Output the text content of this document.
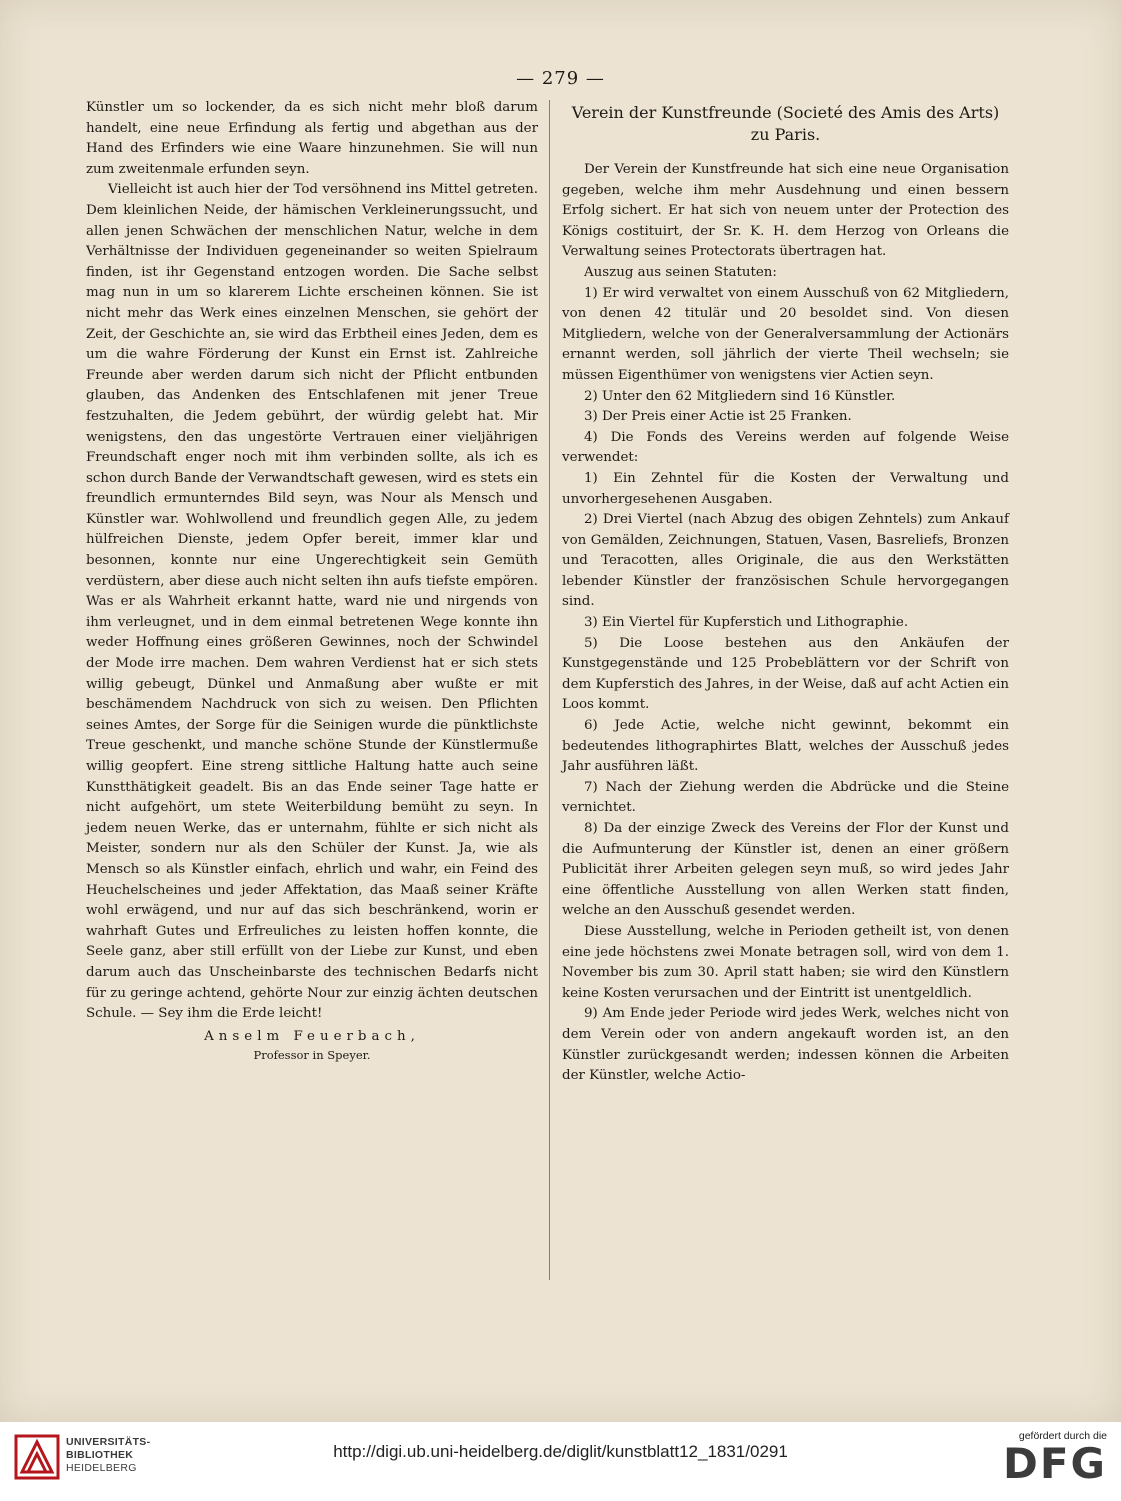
— 279 —

Künstler um so lockender, da es sich nicht mehr bloß darum handelt, eine neue Erfindung als fertig und abgethan aus der Hand des Erfinders wie eine Waare hinzunehmen. Sie will nun zum zweitenmale erfunden seyn.

Vielleicht ist auch hier der Tod versöhnend ins Mittel getreten. Dem kleinlichen Neide, der hämischen Verkleinerungssucht, und allen jenen Schwächen der menschlichen Natur, welche in dem Verhältnisse der Individuen gegeneinander so weiten Spielraum finden, ist ihr Gegenstand entzogen worden. Die Sache selbst mag nun in um so klarerem Lichte erscheinen können. Sie ist nicht mehr das Werk eines einzelnen Menschen, sie gehört der Zeit, der Geschichte an, sie wird das Erbtheil eines Jeden, dem es um die wahre Förderung der Kunst ein Ernst ist. Zahlreiche Freunde aber werden darum sich nicht der Pflicht entbunden glauben, das Andenken des Entschlafenen mit jener Treue festzuhalten, die Jedem gebührt, der würdig gelebt hat. Mir wenigstens, den das ungestörte Vertrauen einer vieljährigen Freundschaft enger noch mit ihm verbinden sollte, als ich es schon durch Bande der Verwandtschaft gewesen, wird es stets ein freundlich ermunterndes Bild seyn, was Nour als Mensch und Künstler war. Wohlwollend und freundlich gegen Alle, zu jedem hülfreichen Dienste, jedem Opfer bereit, immer klar und besonnen, konnte nur eine Ungerechtigkeit sein Gemüth verdüstern, aber diese auch nicht selten ihn aufs tiefste empören. Was er als Wahrheit erkannt hatte, ward nie und nirgends von ihm verleugnet, und in dem einmal betretenen Wege konnte ihn weder Hoffnung eines größeren Gewinnes, noch der Schwindel der Mode irre machen. Dem wahren Verdienst hat er sich stets willig gebeugt, Dünkel und Anmaßung aber wußte er mit beschämendem Nachdruck von sich zu weisen. Den Pflichten seines Amtes, der Sorge für die Seinigen wurde die pünktlichste Treue geschenkt, und manche schöne Stunde der Künstlermuße willig geopfert. Eine streng sittliche Haltung hatte auch seine Kunstthätigkeit geadelt. Bis an das Ende seiner Tage hatte er nicht aufgehört, um stete Weiterbildung bemüht zu seyn. In jedem neuen Werke, das er unternahm, fühlte er sich nicht als Meister, sondern nur als den Schüler der Kunst. Ja, wie als Mensch so als Künstler einfach, ehrlich und wahr, ein Feind des Heuchelscheines und jeder Affektation, das Maaß seiner Kräfte wohl erwägend, und nur auf das sich beschränkend, worin er wahrhaft Gutes und Erfreuliches zu leisten hoffen konnte, die Seele ganz, aber still erfüllt von der Liebe zur Kunst, und eben darum auch das Unscheinbarste des technischen Bedarfs nicht für zu geringe achtend, gehörte Nour zur einzig ächten deutschen Schule. — Sey ihm die Erde leicht!

Anselm Feuerbach,
Professor in Speyer.
Verein der Kunstfreunde (Societé des Amis des Arts) zu Paris.

Der Verein der Kunstfreunde hat sich eine neue Organisation gegeben, welche ihm mehr Ausdehnung und einen bessern Erfolg sichert. Er hat sich von neuem unter der Protection des Königs costituirt, der Sr. K. H. dem Herzog von Orleans die Verwaltung seines Protectorats übertragen hat.

Auszug aus seinen Statuten:

1) Er wird verwaltet von einem Ausschuß von 62 Mitgliedern, von denen 42 titulär und 20 besoldet sind. Von diesen Mitgliedern, welche von der Generalversammlung der Actionärs ernannt werden, soll jährlich der vierte Theil wechseln; sie müssen Eigenthümer von wenigstens vier Actien seyn.

2) Unter den 62 Mitgliedern sind 16 Künstler.

3) Der Preis einer Actie ist 25 Franken.

4) Die Fonds des Vereins werden auf folgende Weise verwendet:

1) Ein Zehntel für die Kosten der Verwaltung und unvorhergesehenen Ausgaben.

2) Drei Viertel (nach Abzug des obigen Zehntels) zum Ankauf von Gemälden, Zeichnungen, Statuen, Vasen, Basreliefs, Bronzen und Teracotten, alles Originale, die aus den Werkstätten lebender Künstler der französischen Schule hervorgegangen sind.

3) Ein Viertel für Kupferstich und Lithographie.

5) Die Loose bestehen aus den Ankäufen der Kunstgegenstände und 125 Probeblättern vor der Schrift von dem Kupferstich des Jahres, in der Weise, daß auf acht Actien ein Loos kommt.

6) Jede Actie, welche nicht gewinnt, bekommt ein bedeutendes lithographirtes Blatt, welches der Ausschuß jedes Jahr ausführen läßt.

7) Nach der Ziehung werden die Abdrücke und die Steine vernichtet.

8) Da der einzige Zweck des Vereins der Flor der Kunst und die Aufmunterung der Künstler ist, denen an einer größern Publicität ihrer Arbeiten gelegen seyn muß, so wird jedes Jahr eine öffentliche Ausstellung von allen Werken statt finden, welche an den Ausschuß gesendet werden.

Diese Ausstellung, welche in Perioden getheilt ist, von denen eine jede höchstens zwei Monate betragen soll, wird von dem 1. November bis zum 30. April statt haben; sie wird den Künstlern keine Kosten verursachen und der Eintritt ist unentgeldlich.

9) Am Ende jeder Periode wird jedes Werk, welches nicht von dem Verein oder von andern angekauft worden ist, an den Künstler zurückgesandt werden; indessen können die Arbeiten der Künstler, welche Actio-

UNIVERSITÄTS-
BIBLIOTHEK
HEIDELBERG
http://digi.ub.uni-heidelberg.de/diglit/kunstblatt12_1831/0291
gefördert durch die
DFG
